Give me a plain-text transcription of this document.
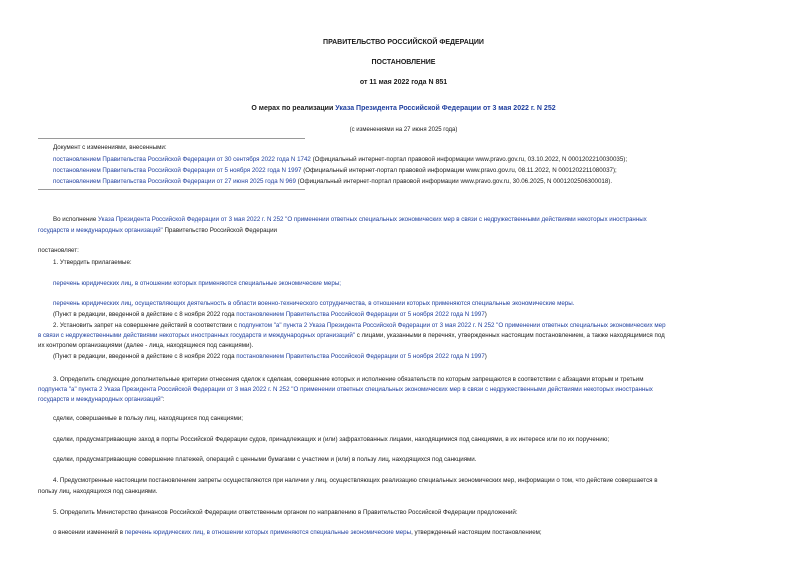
ПРАВИТЕЛЬСТВО РОССИЙСКОЙ ФЕДЕРАЦИИ
ПОСТАНОВЛЕНИЕ
от 11 мая 2022 года N 851
О мерах по реализации Указа Президента Российской Федерации от 3 мая 2022 г. N 252
(с изменениями на 27 июня 2025 года)
Документ с изменениями, внесенными:
постановлением Правительства Российской Федерации от 30 сентября 2022 года N 1742 (Официальный интернет-портал правовой информации www.pravo.gov.ru, 03.10.2022, N 0001202210030035);
постановлением Правительства Российской Федерации от 5 ноября 2022 года N 1997 (Официальный интернет-портал правовой информации www.pravo.gov.ru, 08.11.2022, N 0001202211080037);
постановлением Правительства Российской Федерации от 27 июня 2025 года N 969 (Официальный интернет-портал правовой информации www.pravo.gov.ru, 30.06.2025, N 0001202506300018).
Во исполнение Указа Президента Российской Федерации от 3 мая 2022 г. N 252 "О применении ответных специальных экономических мер в связи с недружественными действиями некоторых иностранных
государств и международных организаций" Правительство Российской Федерации
постановляет:
1. Утвердить прилагаемые:
перечень юридических лиц, в отношении которых применяются специальные экономические меры;
перечень юридических лиц, осуществляющих деятельность в области военно-технического сотрудничества, в отношении которых применяются специальные экономические меры.
(Пункт в редакции, введенной в действие с 8 ноября 2022 года постановлением Правительства Российской Федерации от 5 ноября 2022 года N 1997)
2. Установить запрет на совершение действий в соответствии с подпунктом "а" пункта 2 Указа Президента Российской Федерации от 3 мая 2022 г. N 252 "О применении ответных специальных экономических мер
в связи с недружественными действиями некоторых иностранных государств и международных организаций" с лицами, указанными в перечнях, утвержденных настоящим постановлением, а также находящимися под
их контролем организациями (далее - лица, находящиеся под санкциями).
(Пункт в редакции, введенной в действие с 8 ноября 2022 года постановлением Правительства Российской Федерации от 5 ноября 2022 года N 1997)
3. Определить следующие дополнительные критерии отнесения сделок к сделкам, совершение которых и исполнение обязательств по которым запрещаются в соответствии с абзацами вторым и третьим
подпункта "а" пункта 2 Указа Президента Российской Федерации от 3 мая 2022 г. N 252 "О применении ответных специальных экономических мер в связи с недружественными действиями некоторых иностранных
государств и международных организаций":
сделки, совершаемые в пользу лиц, находящихся под санкциями;
сделки, предусматривающие заход в порты Российской Федерации судов, принадлежащих и (или) зафрахтованных лицами, находящимися под санкциями, в их интересе или по их поручению;
сделки, предусматривающие совершение платежей, операций с ценными бумагами с участием и (или) в пользу лиц, находящихся под санкциями.
4. Предусмотренные настоящим постановлением запреты осуществляются при наличии у лиц, осуществляющих реализацию специальных экономических мер, информации о том, что действие совершается в
пользу лиц, находящихся под санкциями.
5. Определить Министерство финансов Российской Федерации ответственным органом по направлению в Правительство Российской Федерации предложений:
о внесении изменений в перечень юридических лиц, в отношении которых применяются специальные экономические меры, утвержденный настоящим постановлением;
